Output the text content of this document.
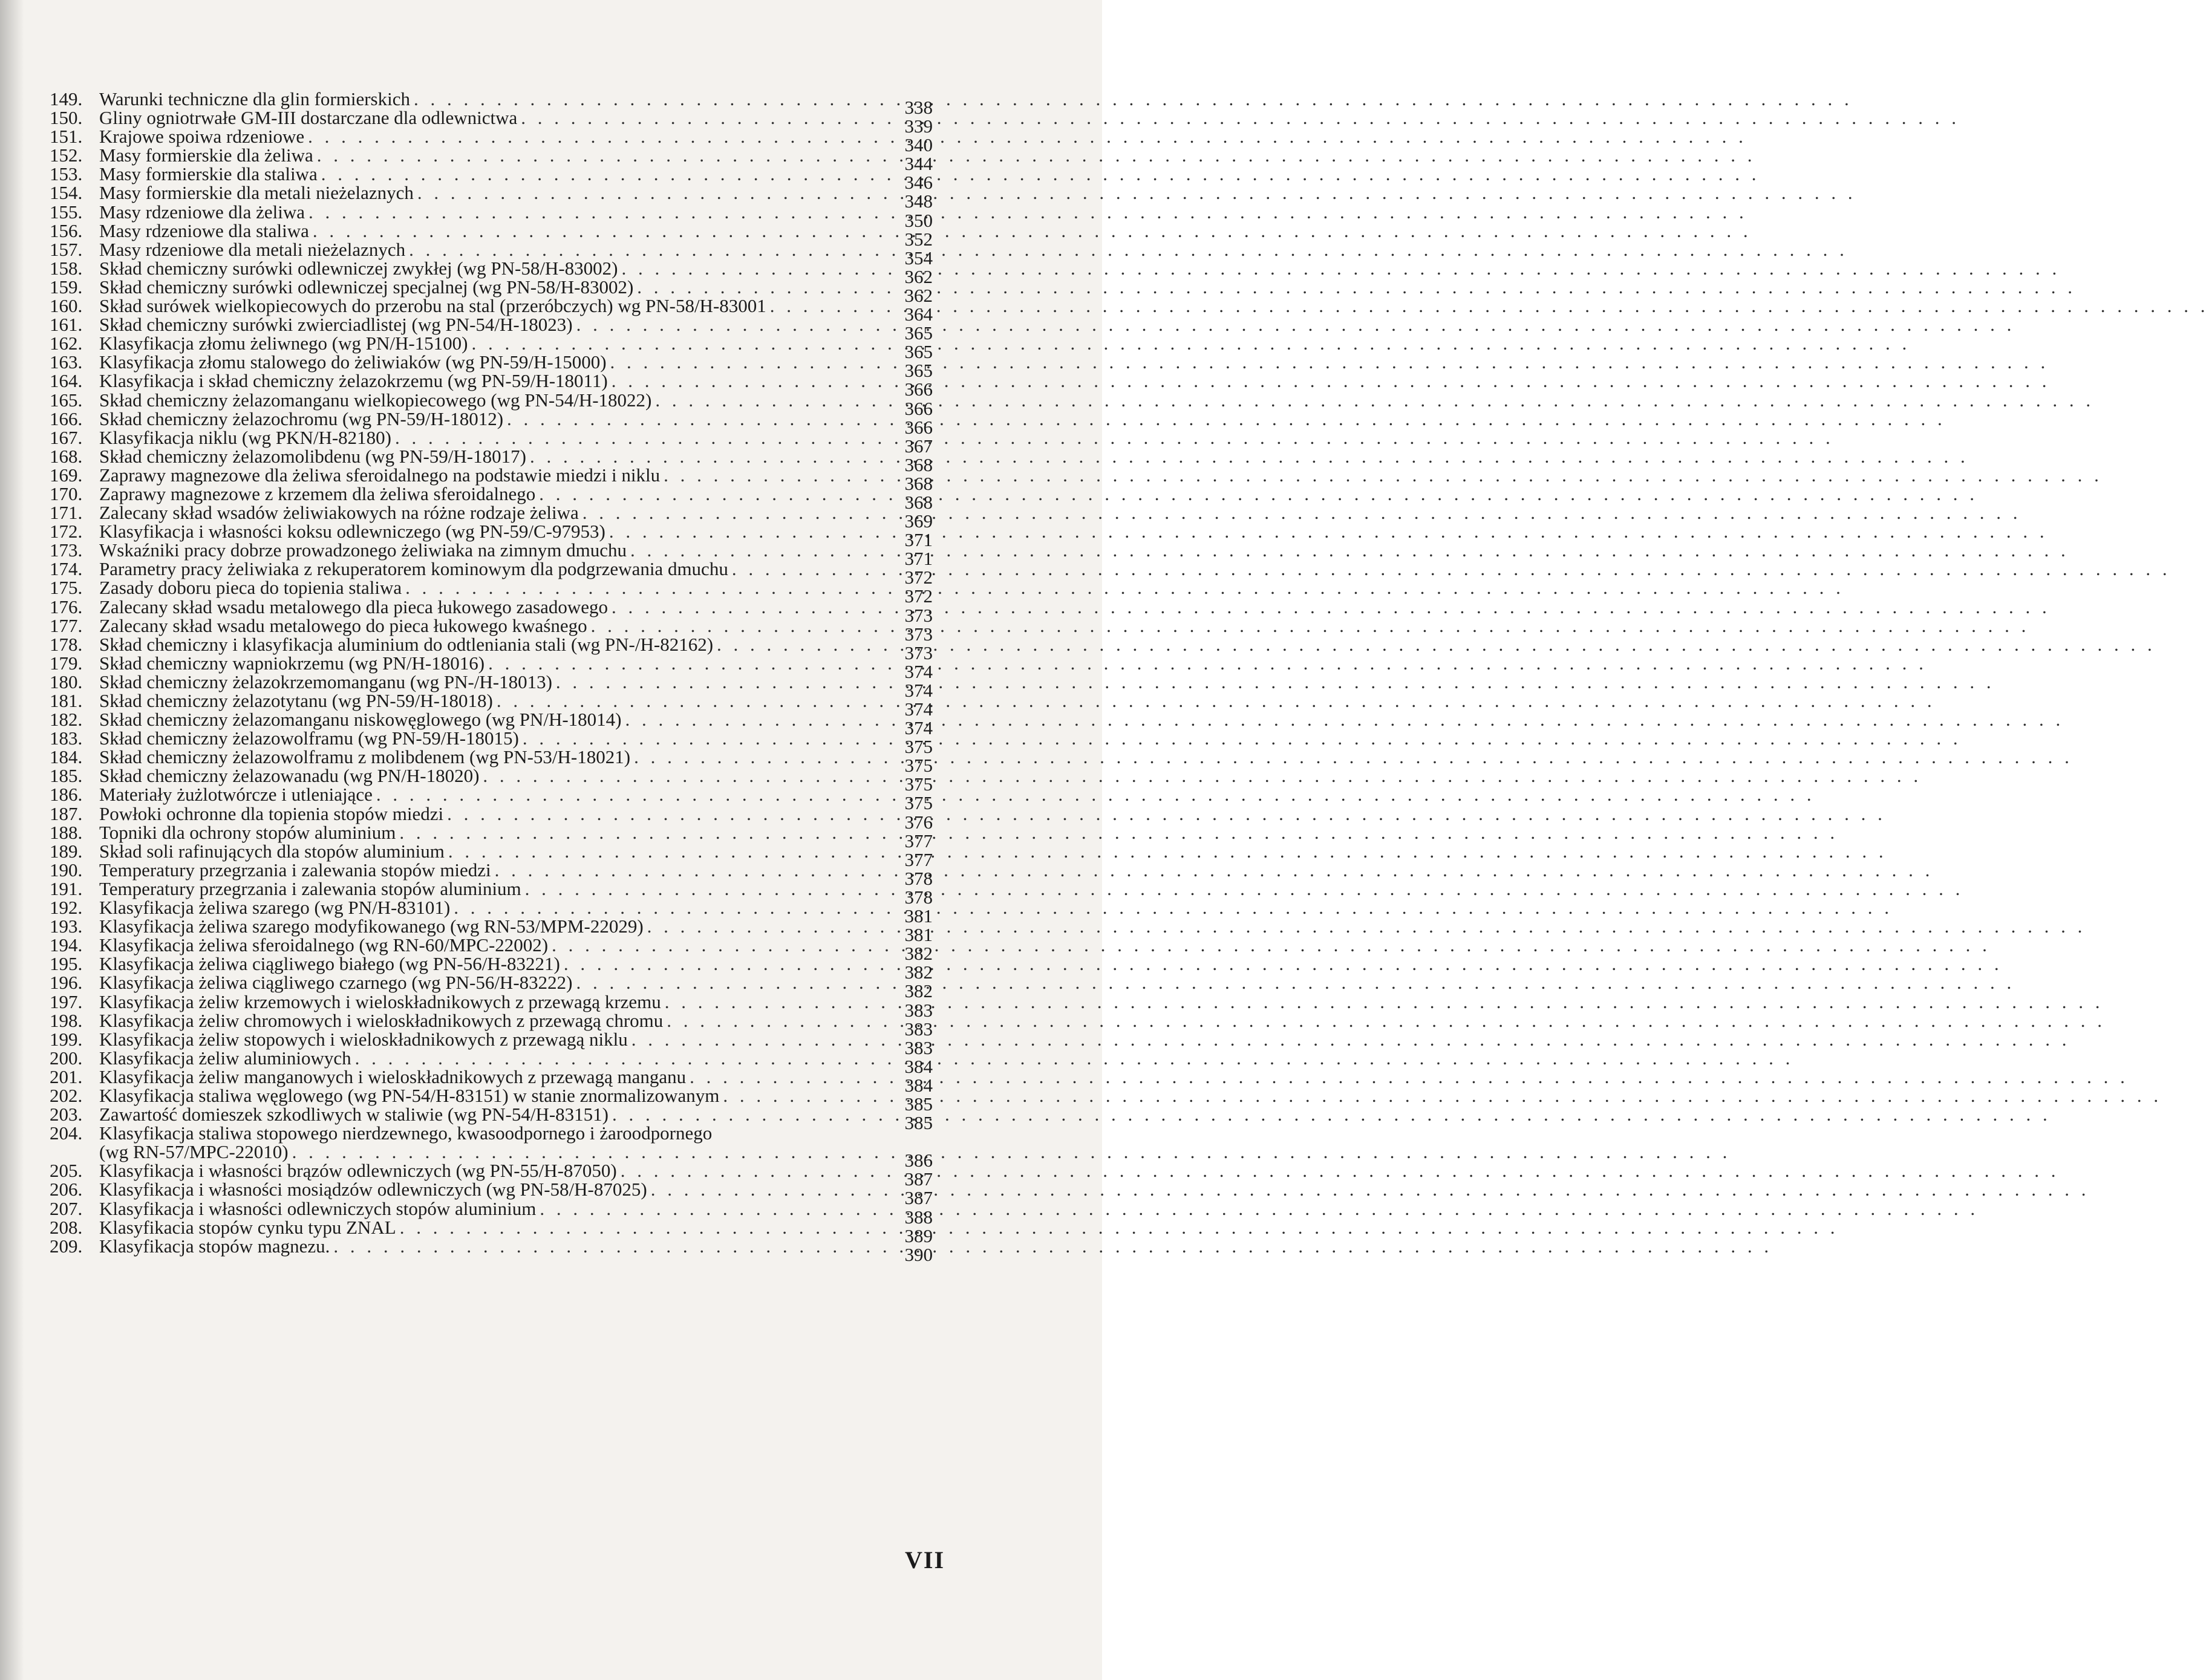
149. Warunki techniczne dla glin formierskich . . .	338
150. Gliny ogniotrwałe GM-III dostarczane dla odlewnictwa . . .	339
151. Krajowe spoiwa rdzeniowe . . .	340
152. Masy formierskie dla żeliwa . . .	344
153. Masy formierskie dla staliwa . . .	346
154. Masy formierskie dla metali nieżelaznych . . .	348
155. Masy rdzeniowe dla żeliwa . . .	350
156. Masy rdzeniowe dla staliwa . . .	352
157. Masy rdzeniowe dla metali nieżelaznych . . .	354
158. Skład chemiczny surówki odlewniczej zwykłej (wg PN-58/H-83002) . . .	362
159. Skład chemiczny surówki odlewniczej specjalnej (wg PN-58/H-83002) . . .	362
160. Skład surówek wielkopiecowych do przerobu na stal (przeróbczych) wg PN-58/H-83001 . . .	364
161. Skład chemiczny surówki zwierciadlistej (wg PN-54/H-18023) . . .	365
162. Klasyfikacja złomu żeliwnego (wg PN/H-15100) . . .	365
163. Klasyfikacja złomu stalowego do żeliwiaków (wg PN-59/H-15000) . . .	365
164. Klasyfikacja i skład chemiczny żelazokrzemu (wg PN-59/H-18011) . . .	366
165. Skład chemiczny żelazomanganu wielkopiecowego (wg PN-54/H-18022) . . .	366
166. Skład chemiczny żelazochromu (wg PN-59/H-18012) . . .	366
167. Klasyfikacja niklu (wg PKN/H-82180) . . .	367
168. Skład chemiczny żelazomolibdenu (wg PN-59/H-18017) . . .	368
169. Zaprawy magnezowe dla żeliwa sferoidalnego na podstawie miedzi i niklu . . .	368
170. Zaprawy magnezowe z krzemem dla żeliwa sferoidalnego . . .	368
171. Zalecany skład wsadów żeliwiakowych na różne rodzaje żeliwa . . .	369
172. Klasyfikacja i własności koksu odlewniczego (wg PN-59/C-97953) . . .	371
173. Wskaźniki pracy dobrze prowadzonego żeliwiaka na zimnym dmuchu . . .	371
174. Parametry pracy żeliwiaka z rekuperatorem kominowym dla podgrzewania dmuchu . . .	372
175. Zasady doboru pieca do topienia staliwa . . .	372
176. Zalecany skład wsadu metalowego dla pieca łukowego zasadowego . . .	373
177. Zalecany skład wsadu metalowego do pieca łukowego kwaśnego . . .	373
178. Skład chemiczny i klasyfikacja aluminium do odtleniania stali (wg PN-/H-82162) . . .	373
179. Skład chemiczny wapniokrzemu (wg PN/H-18016) . . .	374
180. Skład chemiczny żelazokrzemomanganu (wg PN-/H-18013) . . .	374
181. Skład chemiczny żelazotytanu (wg PN-59/H-18018) . . .	374
182. Skład chemiczny żelazomanganu niskowęglowego (wg PN/H-18014) . . .	374
183. Skład chemiczny żelazowolframu (wg PN-59/H-18015) . . .	375
184. Skład chemiczny żelazowolframu z molibdenem (wg PN-53/H-18021) . . .	375
185. Skład chemiczny żelazowanadu (wg PN/H-18020) . . .	375
186. Materiały żużlotwórcze i utleniające . . .	375
187. Powłoki ochronne dla topienia stopów miedzi . . .	376
188. Topniki dla ochrony stopów aluminium . . .	377
189. Skład soli rafinujących dla stopów aluminium . . .	377
190. Temperatury przegrzania i zalewania stopów miedzi . . .	378
191. Temperatury przegrzania i zalewania stopów aluminium . . .	378
192. Klasyfikacja żeliwa szarego (wg PN/H-83101) . . .	381
193. Klasyfikacja żeliwa szarego modyfikowanego (wg RN-53/MPM-22029) . . .	381
194. Klasyfikacja żeliwa sferoidalnego (wg RN-60/MPC-22002) . . .	382
195. Klasyfikacja żeliwa ciągliwego białego (wg PN-56/H-83221) . . .	382
196. Klasyfikacja żeliwa ciągliwego czarnego (wg PN-56/H-83222) . . .	382
197. Klasyfikacja żeliw krzemowych i wieloskładnikowych z przewagą krzemu . . .	383
198. Klasyfikacja żeliw chromowych i wieloskładnikowych z przewagą chromu . . .	383
199. Klasyfikacja żeliw stopowych i wieloskładnikowych z przewagą niklu . . .	383
200. Klasyfikacja żeliw aluminiowych . . .	384
201. Klasyfikacja żeliw manganowych i wieloskładnikowych z przewagą manganu . . .	384
202. Klasyfikacja staliwa węglowego (wg PN-54/H-83151) w stanie znormalizowanym . . .	385
203. Zawartość domieszek szkodliwych w staliwie (wg PN-54/H-83151) . . .	385
204. Klasyfikacja staliwa stopowego nierdzewnego, kwasoodpornego i żaroodpornego
(wg RN-57/MPC-22010) . . .	386
205. Klasyfikacja i własności brązów odlewniczych (wg PN-55/H-87050) . . .	387
206. Klasyfikacja i własności mosiądzów odlewniczych (wg PN-58/H-87025) . . .	387
207. Klasyfikacja i własności odlewniczych stopów aluminium . . .	388
208. Klasyfikacia stopów cynku typu ZNAL . . .	389
209. Klasyfikacja stopów magnezu. . . .	390
VII
